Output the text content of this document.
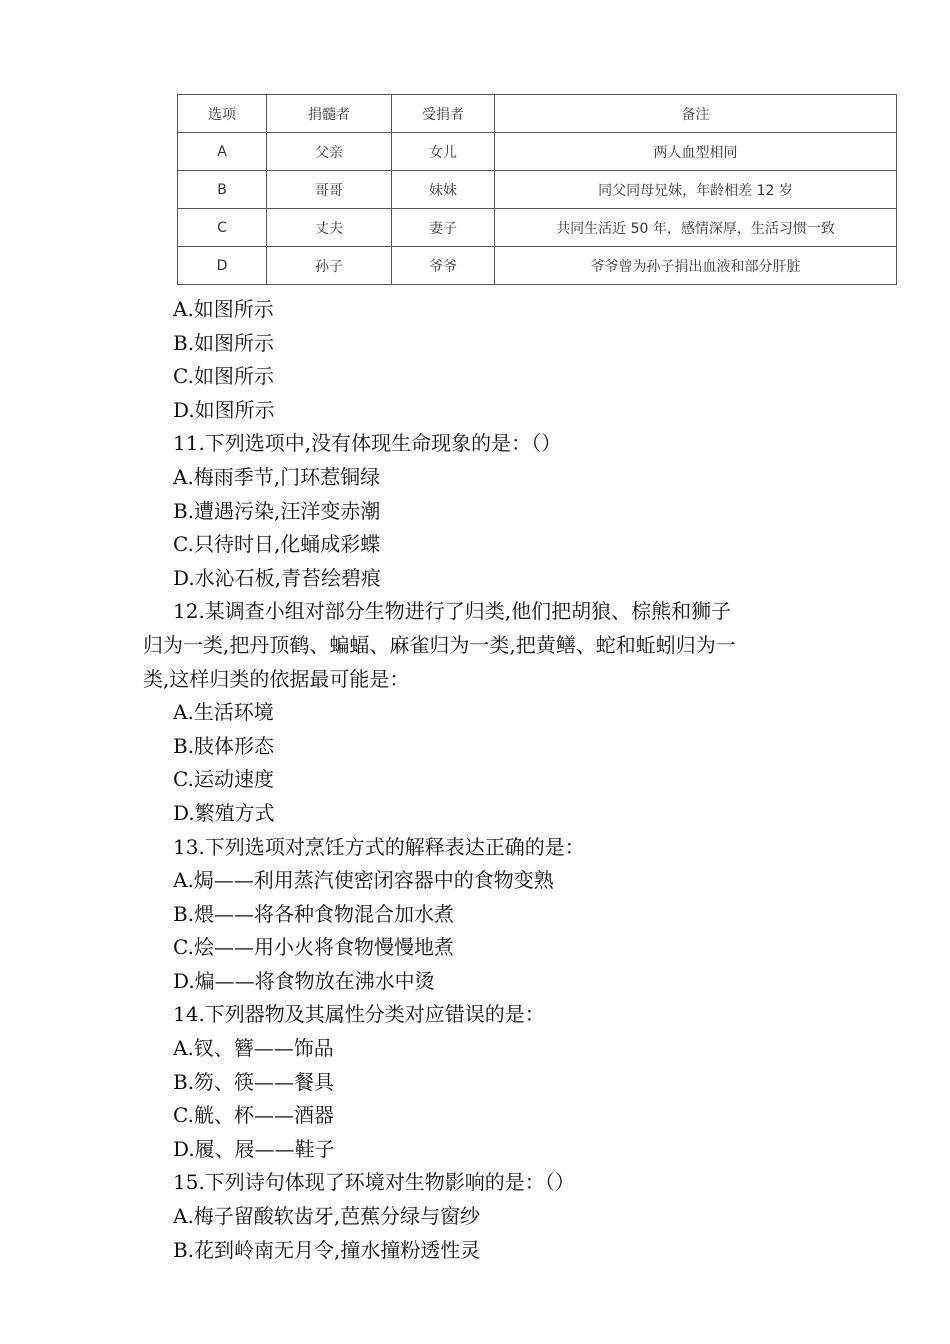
选项	捐髓者	受捐者	备注
A	父亲	女儿	两人血型相同
B	哥哥	妹妹	同父同母兄妹，年龄相差 12 岁
C	丈夫	妻子	共同生活近 50 年，感情深厚，生活习惯一致
D	孙子	爷爷	爷爷曾为孙子捐出血液和部分肝脏
A.如图所示
B.如图所示
C.如图所示
D.如图所示
11.下列选项中,没有体现生命现象的是：（）
A.梅雨季节,门环惹铜绿
B.遭遇污染,汪洋变赤潮
C.只待时日,化蛹成彩蝶
D.水沁石板,青苔绘碧痕
12.某调查小组对部分生物进行了归类,他们把胡狼、棕熊和狮子
归为一类,把丹顶鹤、蝙蝠、麻雀归为一类,把黄鳝、蛇和蚯蚓归为一
类,这样归类的依据最可能是：
A.生活环境
B.肢体形态
C.运动速度
D.繁殖方式
13.下列选项对烹饪方式的解释表达正确的是：
A.焗——利用蒸汽使密闭容器中的食物变熟
B.煨——将各种食物混合加水煮
C.烩——用小火将食物慢慢地煮
D.煸——将食物放在沸水中烫
14.下列器物及其属性分类对应错误的是：
A.钗、簪——饰品
B.笏、筷——餐具
C.觥、杯——酒器
D.履、屐——鞋子
15.下列诗句体现了环境对生物影响的是：（）
A.梅子留酸软齿牙,芭蕉分绿与窗纱
B.花到岭南无月令,撞水撞粉透性灵
